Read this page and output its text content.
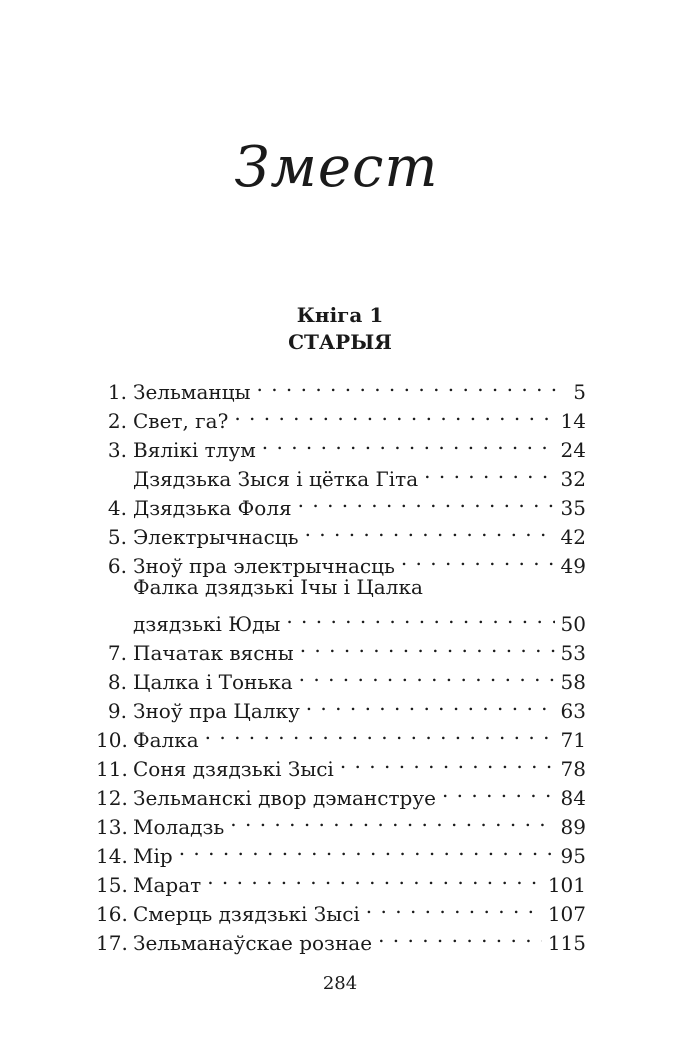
Змест
Кніга 1
СТАРЫЯ
1. Зельманцы . . .	5
2. Свет, га? . . .	14
3. Вялікі тлум . . .	24
Дзядзька Зыся і цётка Гіта . . .	32
4. Дзядзька Фоля . . .	35
5. Электрычнасць . . .	42
6. Зноў пра электрычнасць . . .	49
Фалка дзядзькі Ічы і Цалка
дзядзькі Юды . . .	50
7. Пачатак вясны . . .	53
8. Цалка і Тонька . . .	58
9. Зноў пра Цалку . . .	63
10. Фалка . . .	71
11. Соня дзядзькі Зысі . . .	78
12. Зельманскі двор дэманструе . . .	84
13. Моладзь . . .	89
14. Мір . . .	95
15. Марат . . .	101
16. Смерць дзядзькі Зысі . . .	107
17. Зельманаўскае рознае . . .	115
284
